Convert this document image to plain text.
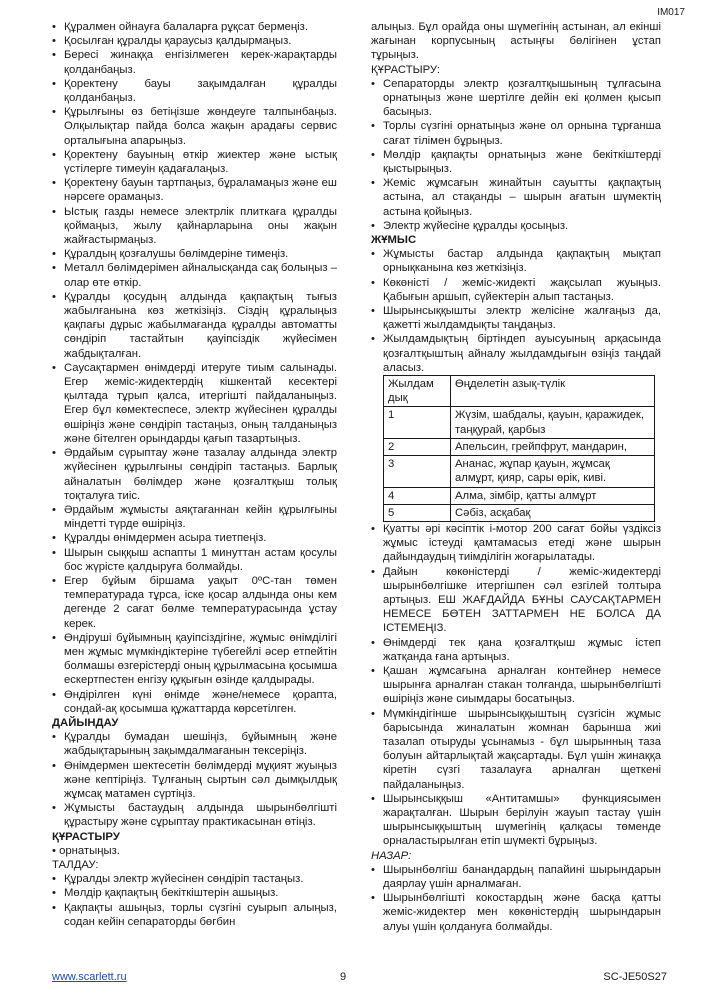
IM017
• Құралмен ойнауға балаларға рұқсат бермеңіз.
• Қосылған құралды қараусыз қалдырмаңыз.
• Бересі жинаққа енгізілмеген керек-жарақтарды қолданбаңыз.
• Қоректену бауы зақымдалған құралды қолданбаңыз.
• Құрылғыны өз бетіңізше жөндеуге талпынбаңыз. Олқылықтар пайда болса жақын арадағы сервис орталығына апарыңыз.
• Қоректену бауының өткір жиектер және ыстық үстілерге тимеуін қадағалаңыз.
• Қоректену бауын тартпаңыз, бұраламаңыз және еш нәрсеге орамаңыз.
• Ыстық газды немесе электрлік плиткаға құралды қоймаңыз, жылу қайнарларына оны жақын жайғастырмаңыз.
• Құралдың қозғалушы бөлімдеріне тимеңіз.
• Металл бөлімдерімен айналысқанда сақ болыңыз – олар өте өткір.
• Құралды қосудың алдында қақпақтың тығыз жабылғанына көз жеткізіңіз. Сіздің құралыңыз қақпағы дұрыс жабылмағанда құралды автоматты сөндіріп тастайтын қауіпсіздік жүйесімен жабдықталған.
• Саусақтармен өнімдерді итеруге тиым салынады. Егер жеміс-жидектердің кішкентай кесектері қылтада тұрып қалса, итергішті пайдаланыңыз. Егер бұл көмектеспесе, электр жүйесінен құралды өшіріңіз және сөндіріп тастаңыз, оның талданыңыз және бітелген орындарды қағып тазартыңыз.
• Әрдайым сүрыптау және тазалау алдында электр жүйесінен құрылғыны сөндіріп тастаңыз. Барлық айналатын бөлімдер және қозғалтқыш толық тоқталуға тиіс.
• Әрдайым жұмысты аяқтағаннан кейін құрылғыны міндетті түрде өшіріңіз.
• Құралды өнімдермен асыра тиетпеңіз.
• Шырын сыққыш аспапты 1 минуттан астам қосулы бос жүрісте қалдыруға болмайды.
• Егер бұйым біршама уақыт 0ºC-тан төмен температурада тұрса, іске қосар алдында оны кем дегенде 2 сағат бөлме температурасында ұстау керек.
• Өндіруші бұйымның қауіпсіздігіне, жұмыс өнімділігі мен жұмыс мүмкіндіктеріне түбегейлі әсер етпейтін болмашы өзгерістерді оның құрылмасына қосымша ескертпестен енгізу құқығын өзінде қалдырады.
• Өндірілген күні өнімде және/немесе қорапта, сондай-ақ қосымша құжаттарда көрсетілген.
ДАЙЫНДАУ
• Құралды бумадан шешіңіз, бұйымның және жабдықтарының зақымдалмағанын тексеріңіз.
• Өнімдермен шектесетін бөлімдерді мұқият жуыңыз және кептіріңіз. Тұлғаның сыртын сәл дымқылдық жұмсақ матамен сүртіңіз.
• Жұмысты бастаудың алдында шырынбөлгішті құрастыру және сұрыптау практикасынан өтіңіз.
ҚҰРАСТЫРУ
• орнатыңыз.
ТАЛДАУ:
• Құралды электр жүйесінен сөндіріп тастаңыз.
• Мөлдір қақпақтың бекіткіштерін ашыңыз.
• Қақпақты ашыңыз, торлы сүзгіні суырып алыңыз, содан кейін сепараторды бөгбин
алыңыз. Бұл орайда оны шүмегінің астынан, ал екінші жағынан корпусының астыңғы бөлігінен ұстап тұрыңыз.
ҚҰРАСТЫРУ:
• Сепараторды электр қозғалтқышының тұлғасына орнатыңыз және шертілге дейін екі қолмен қысып басыңыз.
• Торлы сүзгіні орнатыңыз және ол орнына тұрғанша сағат тілімен бұрыңыз.
• Мөлдір қақпақты орнатыңыз және бекіткіштерді қыстырыңыз.
• Жеміс жұмсағын жинайтын сауытты қақпақтың астына, ал стақанды – шырын ағатын шүмектің астына қойыңыз.
• Электр жүйесіне құралды қосыңыз.
ЖҰМЫС
• Жұмысты бастар алдында қақпақтың мықтап орнықканына көз жеткізіңіз.
• Көкөністі / жеміс-жидекті жақсылап жуыңыз. Қабығын аршып, сүйектерін алып тастаңыз.
• Шырынсыққышты электр желісіне жалғаңыз да, қажетті жылдамдықты таңдаңыз.
• Жылдамдықтың біртіндеп ауысуының арқасында қозғалтқыштың айналу жылдамдығын өзіңіз таңдай аласыз.
Жылдам дық	Өңделетін азық-түлік
1	Жүзім, шабдалы, қауын, қаражидек, таңқурай, қарбыз
2	Апельсин, грейпфрут, мандарин,
3	Ананас, жұпар қауын, жұмсақ алмұрт, қияр, сары өрік, киві.
4	Алма, зімбір, қатты алмұрт
5	Сәбіз, асқабақ
• Қуатты әрі кәсіптік і-мотор 200 сағат бойы үздіксіз жұмыс істеуді қамтамасыз етеді және шырын дайындаудың тиімділігін жоғарылатады.
• Дайын көкөністерді / жеміс-жидектерді шырынбөлгішке итергішпен сәл езгілей толтыра артыңыз. ЕШ ЖАҒДАЙДА БҰНЫ САУСАҚТАРМЕН НЕМЕСЕ БӨТЕН ЗАТТАРМЕН НЕ БОЛСА ДА ІСТЕМЕҢІЗ.
• Өнімдерді тек қана қозғалтқыш жұмыс істеп жатқанда ғана артыңыз.
• Қашан жұмсағына арналған контейнер немесе шырынға арналған стакан толғанда, шырынбөлгішті өшіріңіз және сиымдары босатыңыз.
• Мүмкіндігінше шырынсыққыштың сүзгісін жұмыс барысында жиналатын жомнан барынша жиі тазалап отыруды ұсынамыз - бұл шырынның таза болуын айтарлықтай жақсартады. Бұл үшін жинаққа кіретін сүзгі тазалауға арналған щеткені пайдаланыңыз.
• Шырынсыққыш «Антитамшы» функциясымен жарақталған. Шырын берілуін жауып тастау үшін шырынсыққыштың шүмегінің қалқасы төменде орналастырылған етіп шүмекті бұрыңыз.
НАЗАР:
• Шырынбөлгіш банандардың папайині шырындарын даярлау үшін арналмаған.
• Шырынбөлгішті кокостардың және басқа қатты жеміс-жидектер мен көкөністердің шырындарын алуы үшін қолдануға болмайды.
www.scarlett.ru	9	SC-JE50S27
